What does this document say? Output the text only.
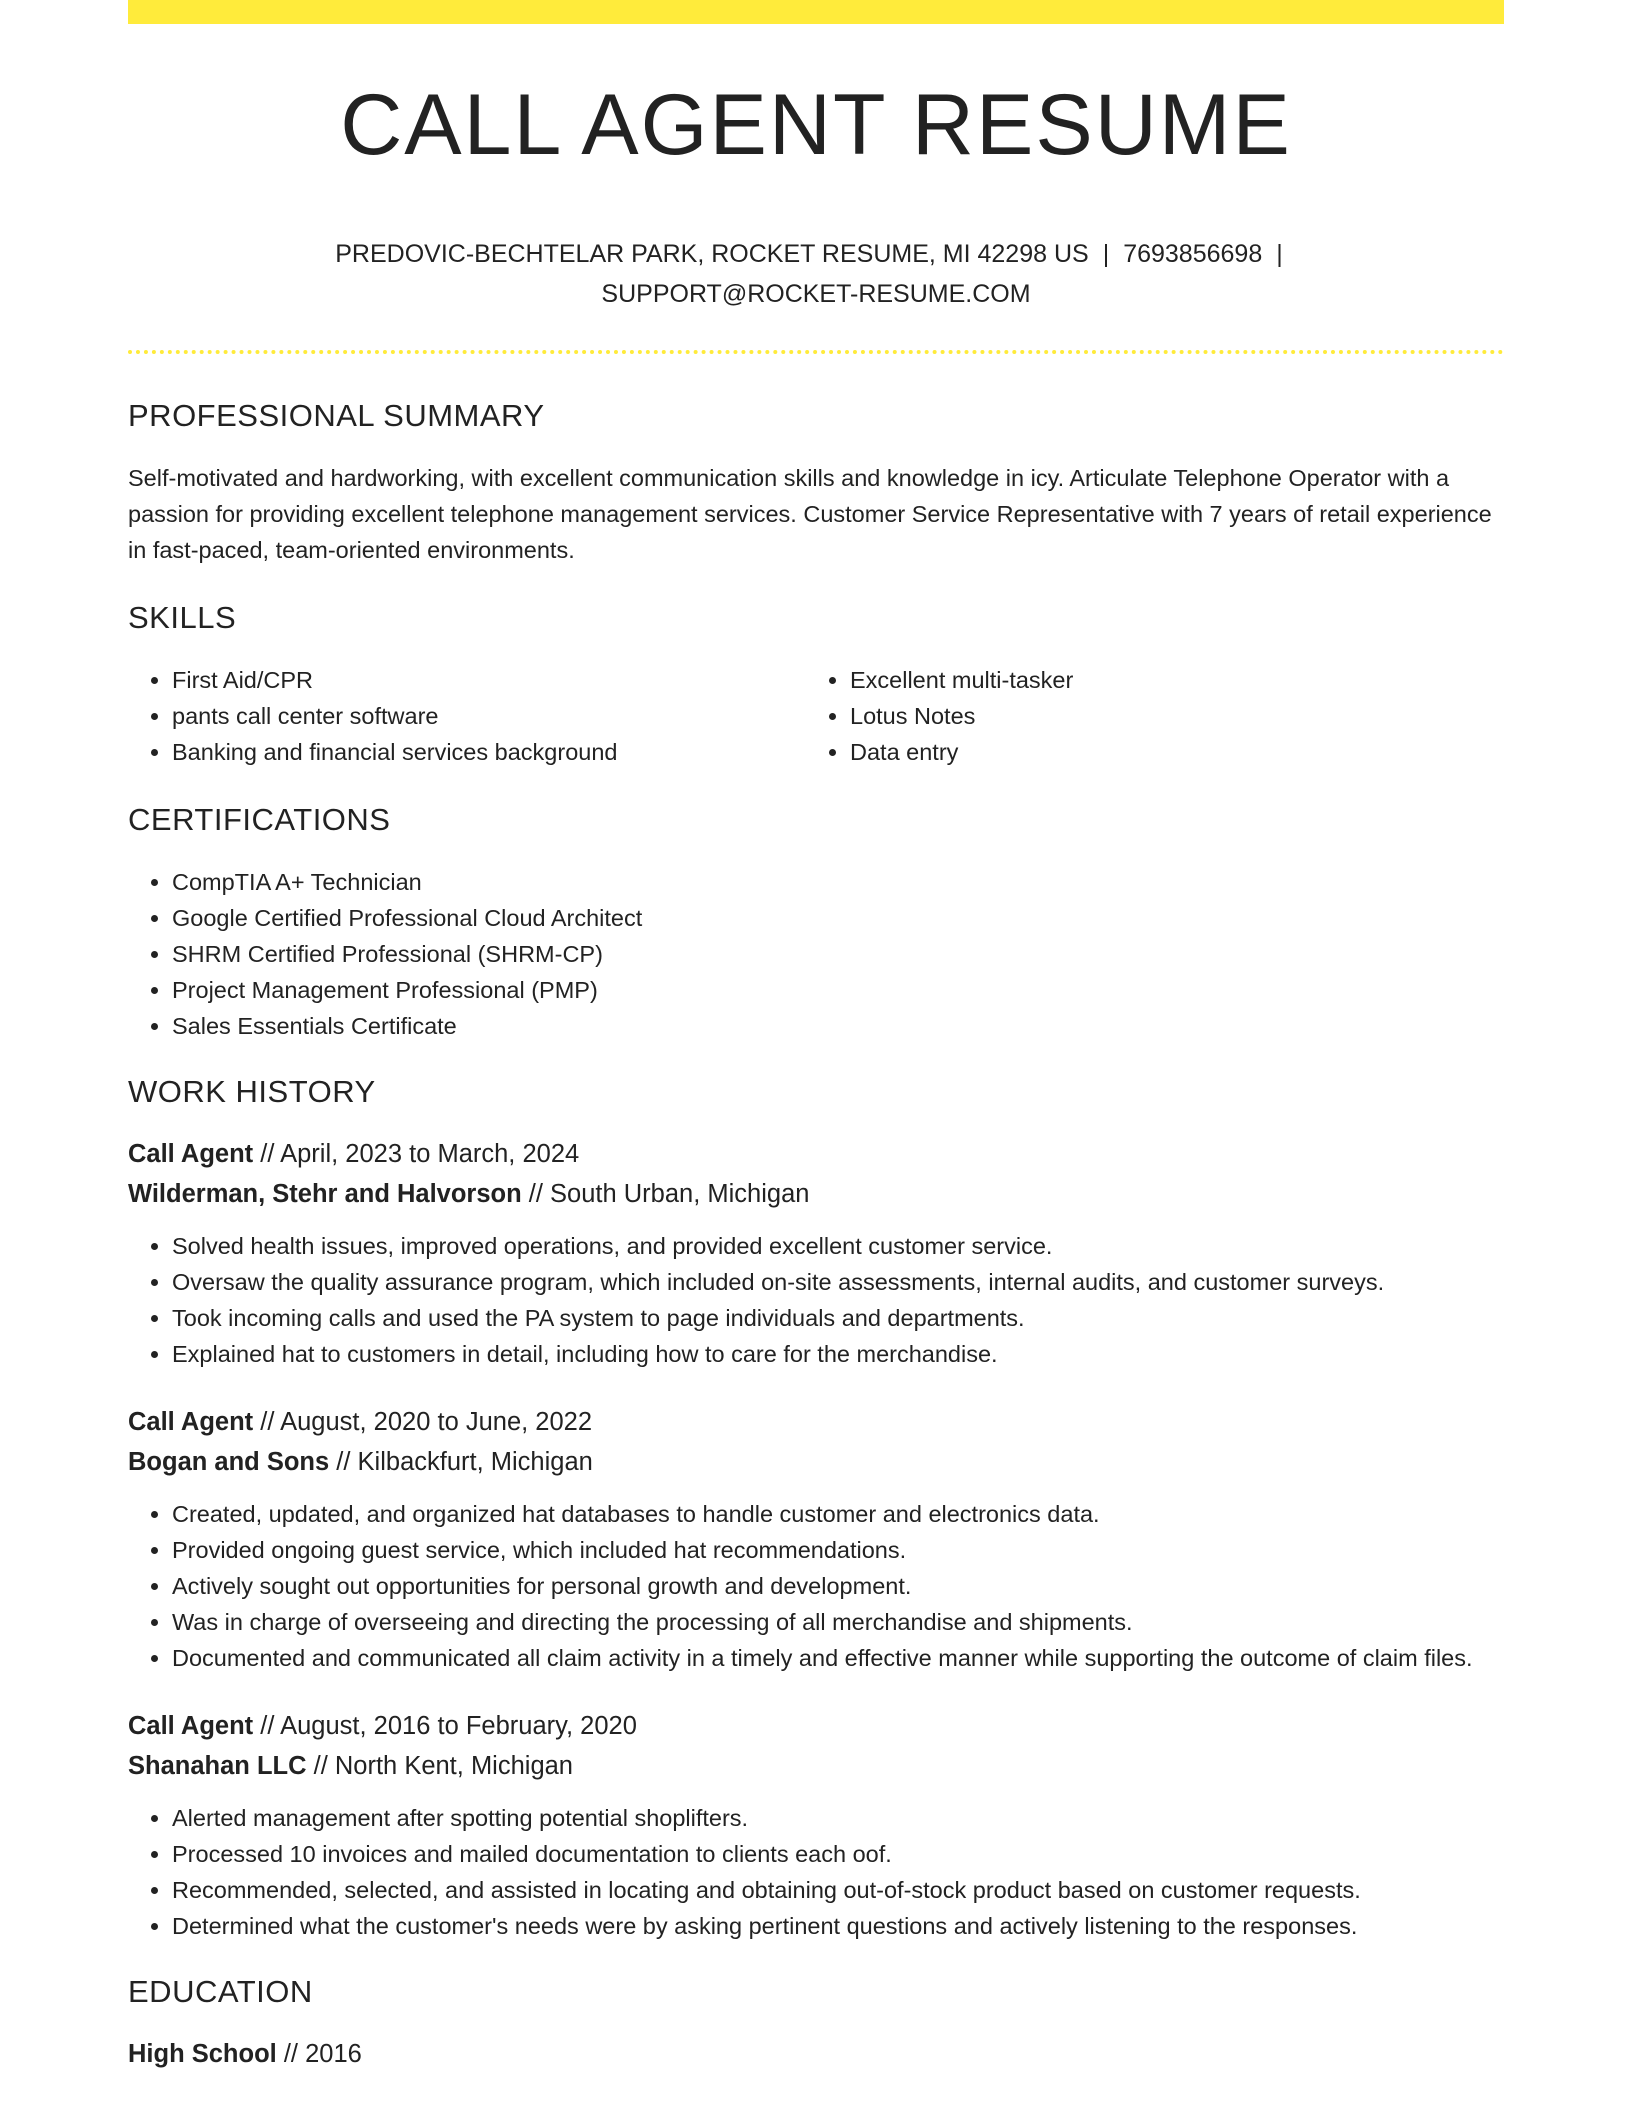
CALL AGENT RESUME
PREDOVIC-BECHTELAR PARK, ROCKET RESUME, MI 42298 US | 7693856698 |
SUPPORT@ROCKET-RESUME.COM
PROFESSIONAL SUMMARY
Self-motivated and hardworking, with excellent communication skills and knowledge in icy. Articulate Telephone Operator with a passion for providing excellent telephone management services. Customer Service Representative with 7 years of retail experience in fast-paced, team-oriented environments.
SKILLS
• First Aid/CPR
• pants call center software
• Banking and financial services background
• Excellent multi-tasker
• Lotus Notes
• Data entry
CERTIFICATIONS
• CompTIA A+ Technician
• Google Certified Professional Cloud Architect
• SHRM Certified Professional (SHRM-CP)
• Project Management Professional (PMP)
• Sales Essentials Certificate
WORK HISTORY
Call Agent // April, 2023 to March, 2024
Wilderman, Stehr and Halvorson // South Urban, Michigan
• Solved health issues, improved operations, and provided excellent customer service.
• Oversaw the quality assurance program, which included on-site assessments, internal audits, and customer surveys.
• Took incoming calls and used the PA system to page individuals and departments.
• Explained hat to customers in detail, including how to care for the merchandise.
Call Agent // August, 2020 to June, 2022
Bogan and Sons // Kilbackfurt, Michigan
• Created, updated, and organized hat databases to handle customer and electronics data.
• Provided ongoing guest service, which included hat recommendations.
• Actively sought out opportunities for personal growth and development.
• Was in charge of overseeing and directing the processing of all merchandise and shipments.
• Documented and communicated all claim activity in a timely and effective manner while supporting the outcome of claim files.
Call Agent // August, 2016 to February, 2020
Shanahan LLC // North Kent, Michigan
• Alerted management after spotting potential shoplifters.
• Processed 10 invoices and mailed documentation to clients each oof.
• Recommended, selected, and assisted in locating and obtaining out-of-stock product based on customer requests.
• Determined what the customer's needs were by asking pertinent questions and actively listening to the responses.
EDUCATION
High School // 2016
